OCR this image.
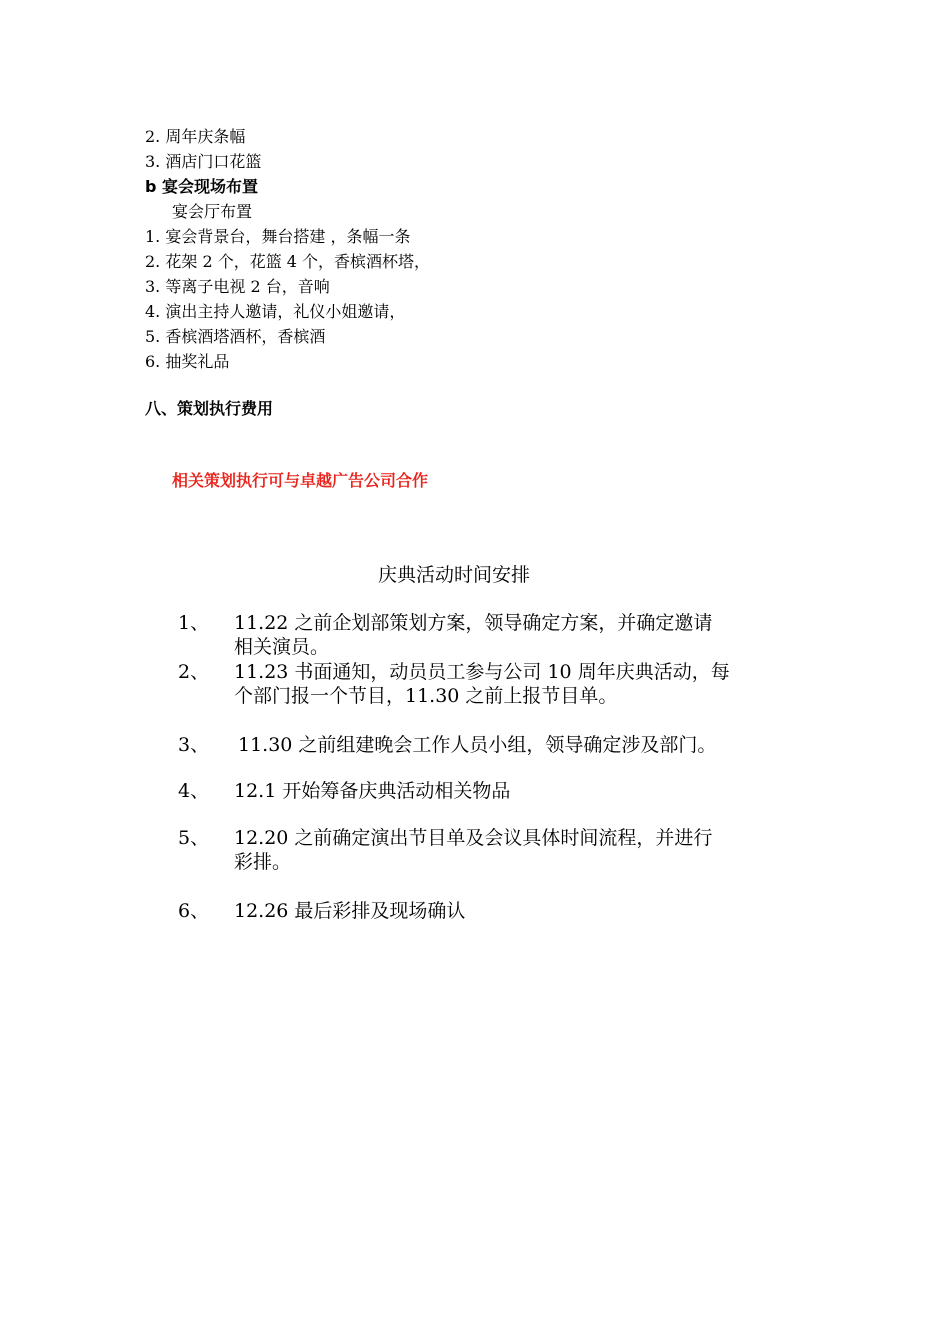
2. 周年庆条幅
3. 酒店门口花篮
b 宴会现场布置
宴会厅布置
1. 宴会背景台，舞台搭建 ，条幅一条
2. 花架 2 个，花篮 4 个，香槟酒杯塔，
3. 等离子电视 2 台，音响
4. 演出主持人邀请，礼仪小姐邀请，
5. 香槟酒塔酒杯，香槟酒
6. 抽奖礼品
八、策划执行费用
相关策划执行可与卓越广告公司合作
庆典活动时间安排
1、 11.22 之前企划部策划方案，领导确定方案，并确定邀请
相关演员。
2、 11.23 书面通知，动员员工参与公司 10 周年庆典活动，每
个部门报一个节目，11.30 之前上报节目单。
3、 11.30 之前组建晚会工作人员小组，领导确定涉及部门。
4、 12.1 开始筹备庆典活动相关物品
5、 12.20 之前确定演出节目单及会议具体时间流程，并进行
彩排。
6、 12.26 最后彩排及现场确认
